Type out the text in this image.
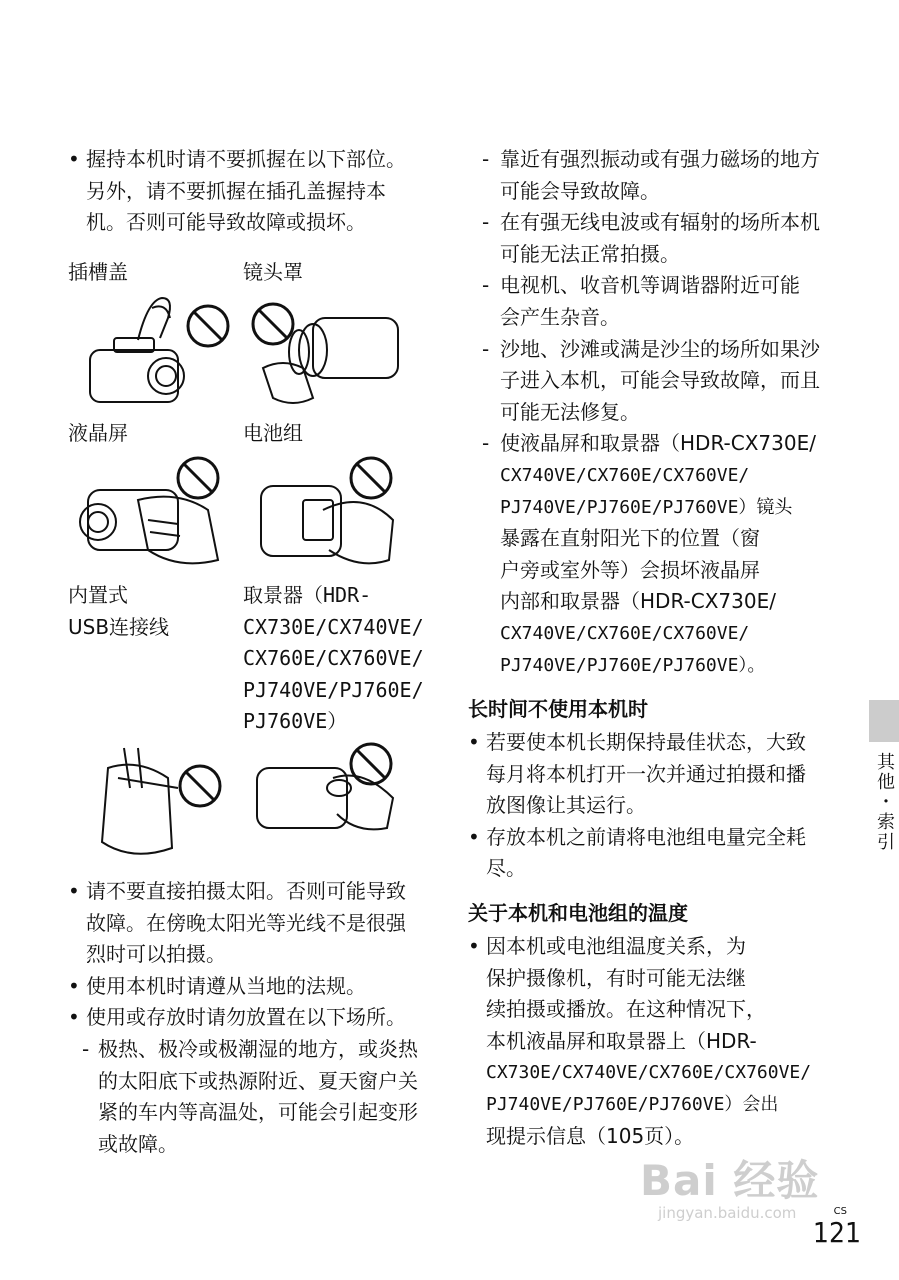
• 握持本机时请不要抓握在以下部位。另外，请不要抓握在插孔盖握持本机。否则可能导致故障或损坏。
插槽盖	镜头罩
液晶屏	电池组
内置式
USB连接线
取景器（HDR-
CX730E/CX740VE/
CX760E/CX760VE/
PJ740VE/PJ760E/
PJ760VE）
• 请不要直接拍摄太阳。否则可能导致故障。在傍晚太阳光等光线不是很强烈时可以拍摄。
• 使用本机时请遵从当地的法规。
• 使用或存放时请勿放置在以下场所。
- 极热、极冷或极潮湿的地方，或炎热的太阳底下或热源附近、夏天窗户关紧的车内等高温处，可能会引起变形或故障。
- 靠近有强烈振动或有强力磁场的地方可能会导致故障。
- 在有强无线电波或有辐射的场所本机可能无法正常拍摄。
- 电视机、收音机等调谐器附近可能会产生杂音。
- 沙地、沙滩或满是沙尘的场所如果沙子进入本机，可能会导致故障，而且可能无法修复。
- 使液晶屏和取景器（HDR-CX730E/
CX740VE/CX760E/CX760VE/
PJ740VE/PJ760E/PJ760VE）镜头
暴露在直射阳光下的位置（窗
户旁或室外等）会损坏液晶屏
内部和取景器（HDR-CX730E/
CX740VE/CX760E/CX760VE/
PJ740VE/PJ760E/PJ760VE）。
长时间不使用本机时
• 若要使本机长期保持最佳状态，大致每月将本机打开一次并通过拍摄和播放图像让其运行。
• 存放本机之前请将电池组电量完全耗尽。
关于本机和电池组的温度
• 因本机或电池组温度关系，为
保护摄像机，有时可能无法继
续拍摄或播放。在这种情况下，
本机液晶屏和取景器上（HDR-
CX730E/CX740VE/CX760E/CX760VE/
PJ740VE/PJ760E/PJ760VE）会出
现提示信息（105页）。
其他・索引
Bai 经验
jingyan.baidu.com	CS
121
